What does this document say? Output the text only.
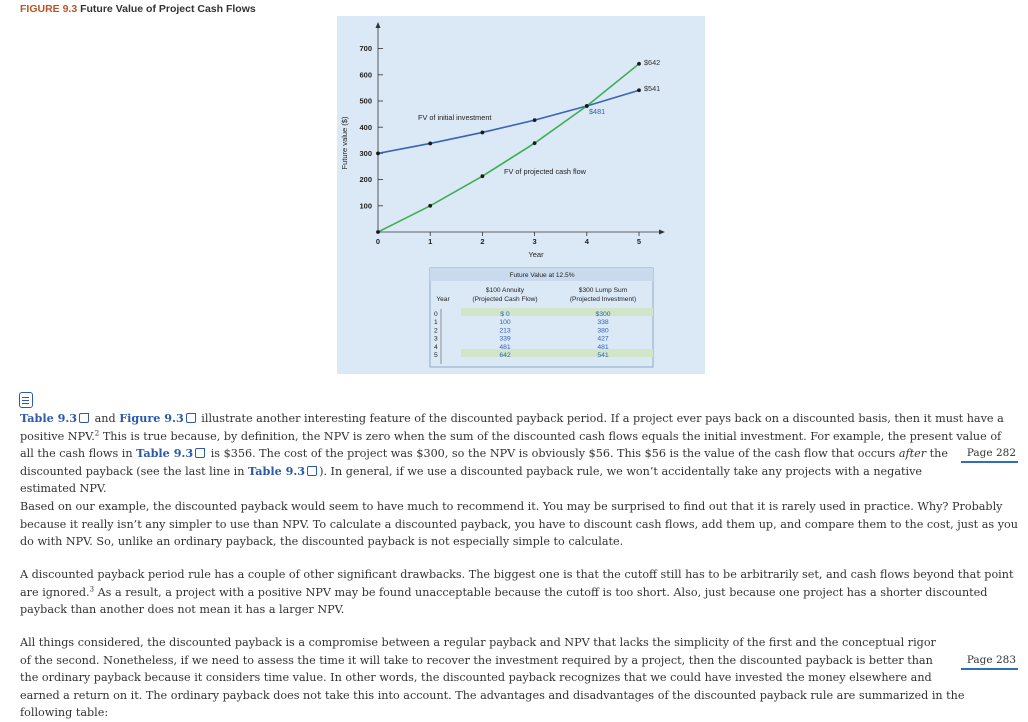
FIGURE 9.3 Future Value of Project Cash Flows
100
200
300
400
500
600
700
0	1	2	3	4	5
Future value ($)
Year
FV of initial investment
FV of projected cash flow
$481
$642
$541
Future Value at 12.5%
Year
$100 Annuity
(Projected Cash Flow)
$300 Lump Sum
(Projected Investment)
0	$ 0	$300
1	100	338
2	213	380
3	339	427
4	481	481
5	642	541

Table 9.3 and Figure 9.3 illustrate another interesting feature of the discounted payback period. If a project ever pays back on a discounted basis, then it must have a positive NPV.$^2$ This is true because, by definition, the NPV is zero when the sum of the discounted cash flows equals the initial investment. For example, the present value of all the cash flows in Table 9.3 is $356. The cost of the project was $300, so the NPV is obviously $56. This $56 is the value of the cash flow that occurs	Page 282
after the discounted payback (see the last line in Table 9.3 ). In general, if we use a discounted payback rule, we won’t accidentally take any projects with a negative estimated NPV.

Based on our example, the discounted payback would seem to have much to recommend it. You may be surprised to find out that it is rarely used in practice. Why? Probably because it really isn’t any simpler to use than NPV. To calculate a discounted payback, you have to discount cash flows, add them up, and compare them to the cost, just as you do with NPV. So, unlike an ordinary payback, the discounted payback is not especially simple to calculate.

A discounted payback period rule has a couple of other significant drawbacks. The biggest one is that the cutoff still has to be arbitrarily set, and cash flows beyond that point are ignored.$^3$ As a result, a project with a positive NPV may be found unacceptable because the cutoff is too short. Also, just because one project has a shorter discounted payback than another does not mean it has a larger NPV.

Page 283
All things considered, the discounted payback is a compromise between a regular payback and NPV that lacks the simplicity of the first and the conceptual rigor of the second. Nonetheless, if we need to assess the time it will take to recover the investment required by a project, then the discounted payback is better than the ordinary payback because it considers time value. In other words, the discounted payback recognizes that we could have invested the money elsewhere and earned a return on it. The ordinary payback does not take this into account. The advantages and disadvantages of the discounted payback rule are summarized in the following table:
